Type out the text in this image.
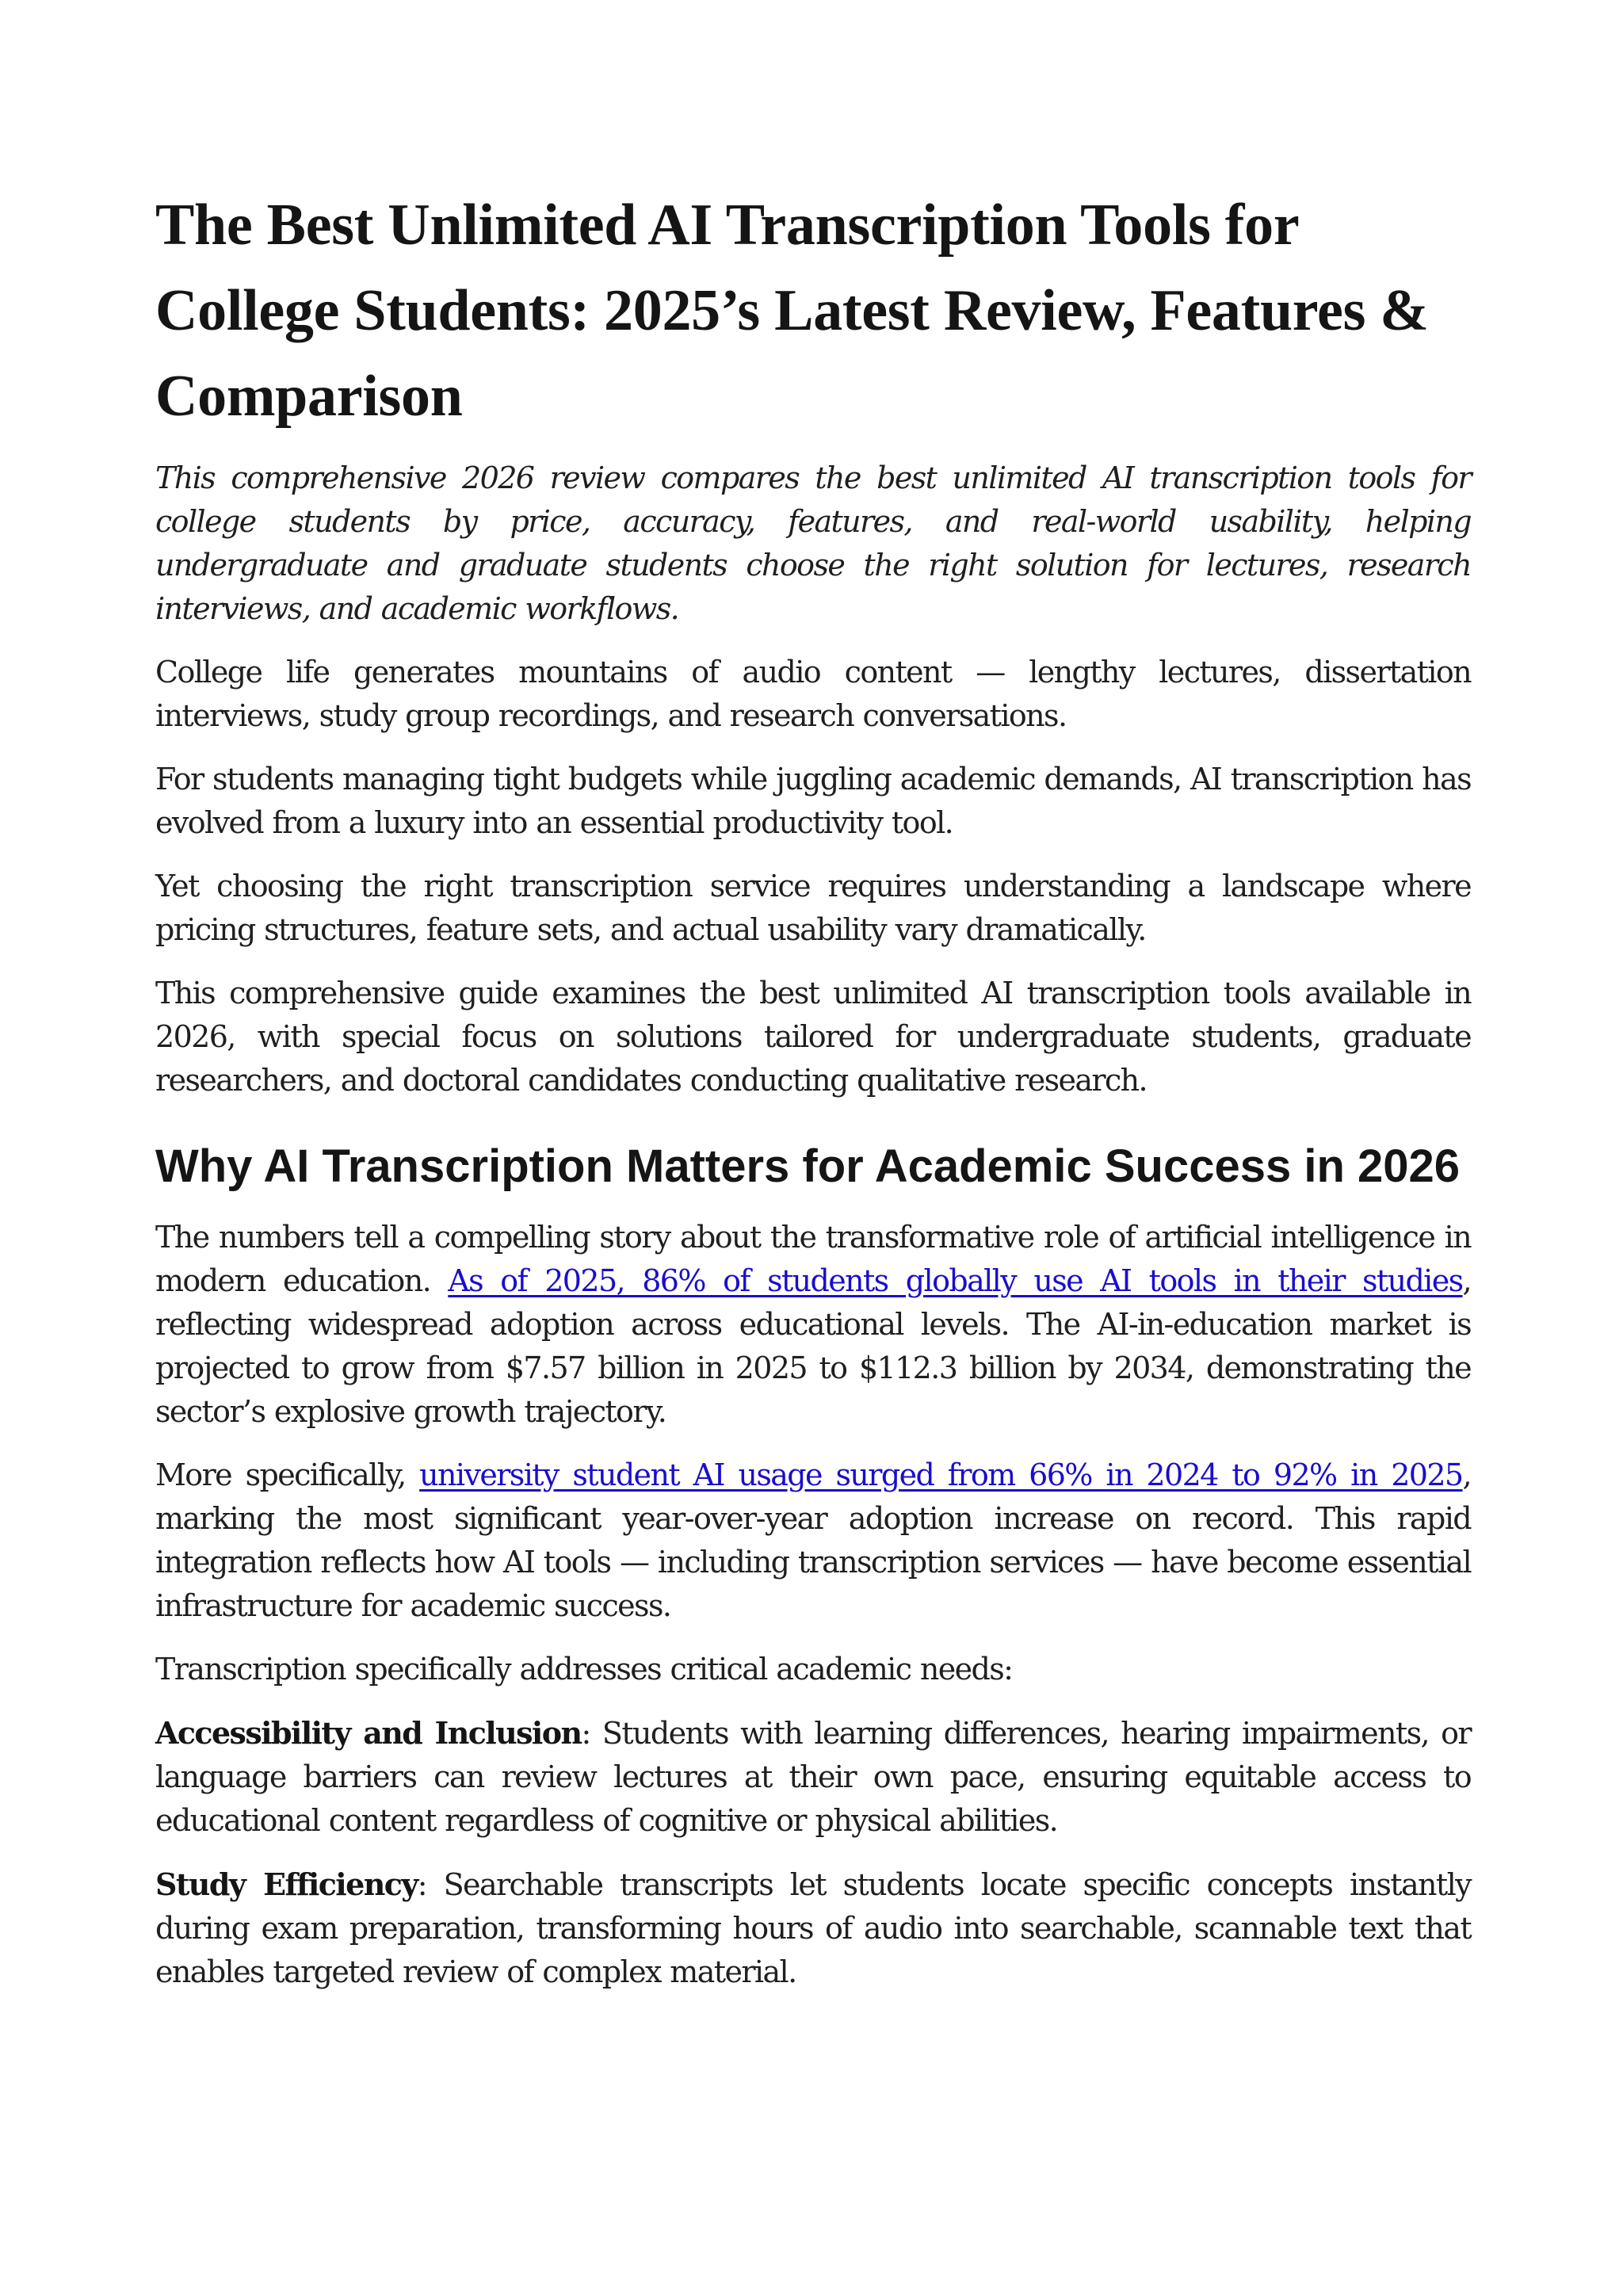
The Best Unlimited AI Transcription Tools for College Students: 2025’s Latest Review, Features & Comparison

This comprehensive 2026 review compares the best unlimited AI transcription tools for college students by price, accuracy, features, and real-world usability, helping undergraduate and graduate students choose the right solution for lectures, research interviews, and academic workflows.

College life generates mountains of audio content — lengthy lectures, dissertation interviews, study group recordings, and research conversations.

For students managing tight budgets while juggling academic demands, AI transcription has evolved from a luxury into an essential productivity tool.

Yet choosing the right transcription service requires understanding a landscape where pricing structures, feature sets, and actual usability vary dramatically.

This comprehensive guide examines the best unlimited AI transcription tools available in 2026, with special focus on solutions tailored for undergraduate students, graduate researchers, and doctoral candidates conducting qualitative research.

Why AI Transcription Matters for Academic Success in 2026

The numbers tell a compelling story about the transformative role of artificial intelligence in modern education. As of 2025, 86% of students globally use AI tools in their studies, reflecting widespread adoption across educational levels. The AI-in-education market is projected to grow from $7.57 billion in 2025 to $112.3 billion by 2034, demonstrating the sector’s explosive growth trajectory.

More specifically, university student AI usage surged from 66% in 2024 to 92% in 2025, marking the most significant year-over-year adoption increase on record. This rapid integration reflects how AI tools — including transcription services — have become essential infrastructure for academic success.

Transcription specifically addresses critical academic needs:

Accessibility and Inclusion: Students with learning differences, hearing impairments, or language barriers can review lectures at their own pace, ensuring equitable access to educational content regardless of cognitive or physical abilities.

Study Efficiency: Searchable transcripts let students locate specific concepts instantly during exam preparation, transforming hours of audio into searchable, scannable text that enables targeted review of complex material.
